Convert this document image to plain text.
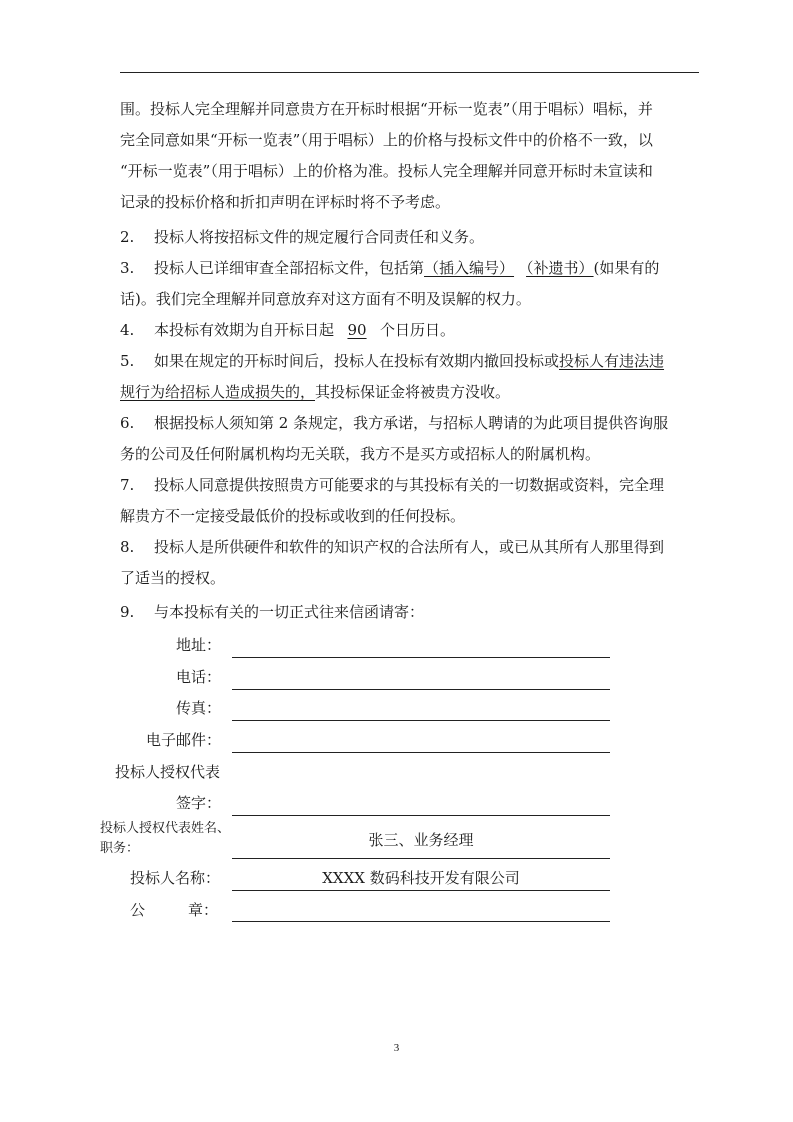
围。投标人完全理解并同意贵方在开标时根据“开标一览表”（用于唱标）唱标，并
完全同意如果“开标一览表”（用于唱标）上的价格与投标文件中的价格不一致，以
“开标一览表”（用于唱标）上的价格为准。投标人完全理解并同意开标时未宣读和
记录的投标价格和折扣声明在评标时将不予考虑。

2. 投标人将按招标文件的规定履行合同责任和义务。
3. 投标人已详细审查全部招标文件，包括第（插入编号） （补遗书）(如果有的
话)。我们完全理解并同意放弃对这方面有不明及误解的权力。
4. 本投标有效期为自开标日起 90 个日历日。
5. 如果在规定的开标时间后，投标人在投标有效期内撤回投标或投标人有违法违
规行为给招标人造成损失的，其投标保证金将被贵方没收。
6. 根据投标人须知第 2 条规定，我方承诺，与招标人聘请的为此项目提供咨询服
务的公司及任何附属机构均无关联，我方不是买方或招标人的附属机构。
7. 投标人同意提供按照贵方可能要求的与其投标有关的一切数据或资料，完全理
解贵方不一定接受最低价的投标或收到的任何投标。
8. 投标人是所供硬件和软件的知识产权的合法所有人，或已从其所有人那里得到
了适当的授权。
9. 与本投标有关的一切正式往来信函请寄：
地址：
电话：
传真：
电子邮件：
投标人授权代表
签字：
投标人授权代表姓名、
职务：	张三、业务经理
投标人名称：	XXXX 数码科技开发有限公司
公	章：
3
